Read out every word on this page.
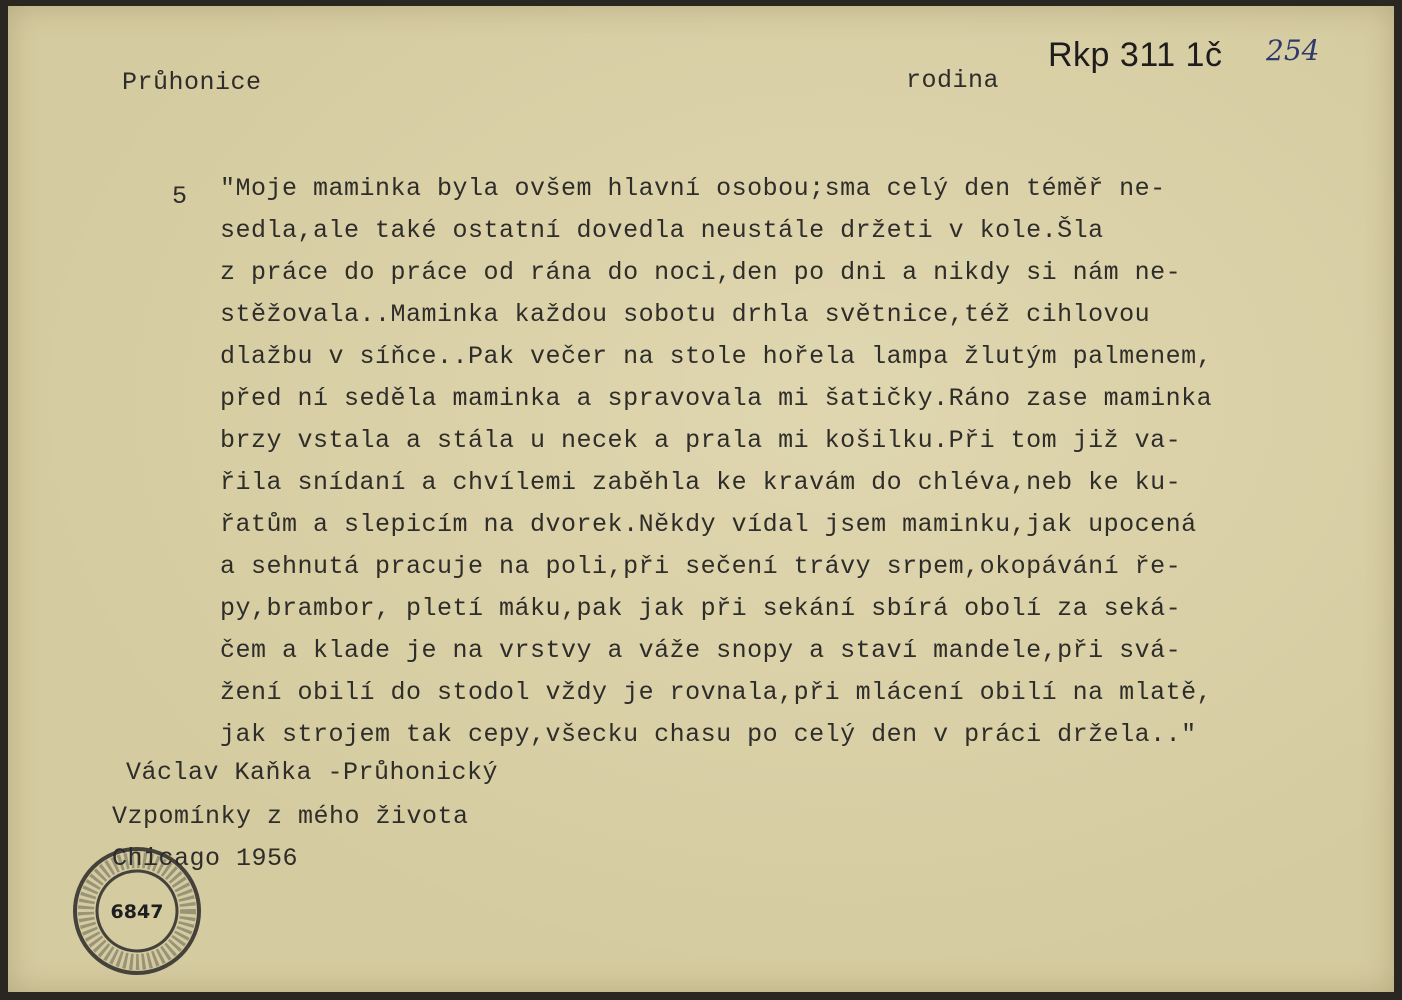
Průhonice	rodina
Rkp 311 1č 254
5 "Moje maminka byla ovšem hlavní osobou;sma celý den téměř ne-
sedla,ale také ostatní dovedla neustále držeti v kole.Šla
z práce do práce od rána do noci,den po dni a nikdy si nám ne-
stěžovala..Maminka každou sobotu drhla světnice,též cihlovou
dlažbu v síňce..Pak večer na stole hořela lampa žlutým palmenem,
před ní seděla maminka a spravovala mi šatičky.Ráno zase maminka
brzy vstala a stála u necek a prala mi košilku.Při tom již va-
řila snídaní a chvílemi zaběhla ke kravám do chléva,neb ke ku-
řatům a slepicím na dvorek.Někdy vídal jsem maminku,jak upocená
a sehnutá pracuje na poli,při sečení trávy srpem,okopávání ře-
py,brambor, pletí máku,pak jak při sekání sbírá obolí za seká-
čem a klade je na vrstvy a váže snopy a staví mandele,při svá-
žení obilí do stodol vždy je rovnala,při mlácení obilí na mlatě,
jak strojem tak cepy,všecku chasu po celý den v práci držela.."
Václav Kaňka -Průhonický
Vzpomínky z mého života
Chicago 1956
6847
